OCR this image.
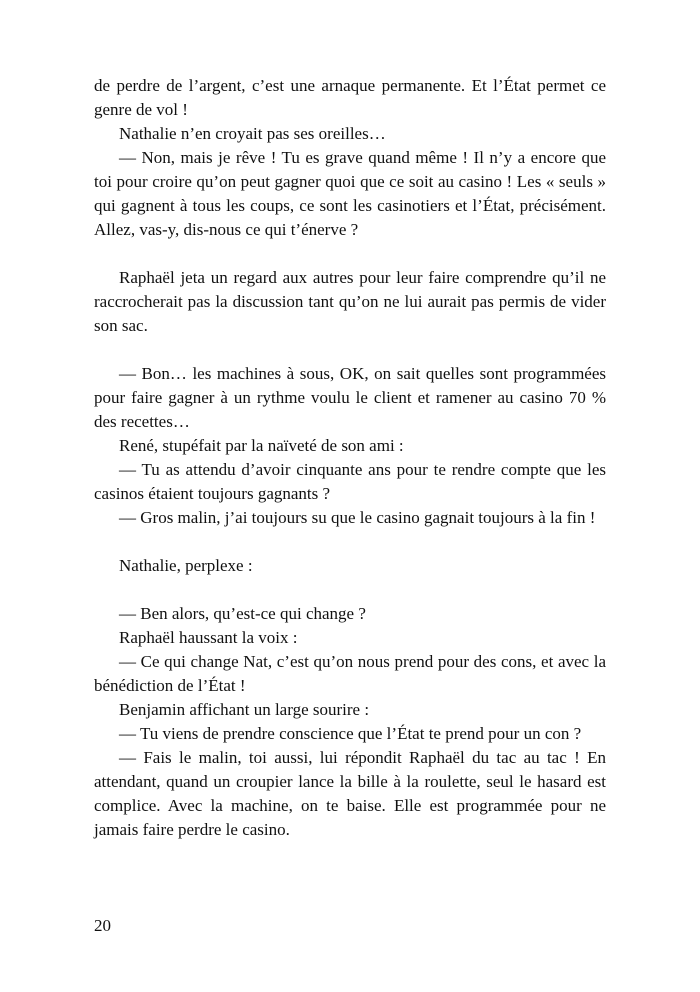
de perdre de l’argent, c’est une arnaque permanente. Et l’État permet ce genre de vol !

Nathalie n’en croyait pas ses oreilles…

— Non, mais je rêve ! Tu es grave quand même ! Il n’y a encore que toi pour croire qu’on peut gagner quoi que ce soit au casino ! Les « seuls » qui gagnent à tous les coups, ce sont les casinotiers et l’État, précisément. Allez, vas-y, dis-nous ce qui t’énerve ?

Raphaël jeta un regard aux autres pour leur faire comprendre qu’il ne raccrocherait pas la discussion tant qu’on ne lui aurait pas permis de vider son sac.

— Bon… les machines à sous, OK, on sait quelles sont programmées pour faire gagner à un rythme voulu le client et ramener au casino 70 % des recettes…

René, stupéfait par la naïveté de son ami :

— Tu as attendu d’avoir cinquante ans pour te rendre compte que les casinos étaient toujours gagnants ?

— Gros malin, j’ai toujours su que le casino gagnait toujours à la fin !

Nathalie, perplexe :

— Ben alors, qu’est-ce qui change ?

Raphaël haussant la voix :

— Ce qui change Nat, c’est qu’on nous prend pour des cons, et avec la bénédiction de l’État !

Benjamin affichant un large sourire :

— Tu viens de prendre conscience que l’État te prend pour un con ?

— Fais le malin, toi aussi, lui répondit Raphaël du tac au tac ! En attendant, quand un croupier lance la bille à la roulette, seul le hasard est complice. Avec la machine, on te baise. Elle est programmée pour ne jamais faire perdre le casino.

20
